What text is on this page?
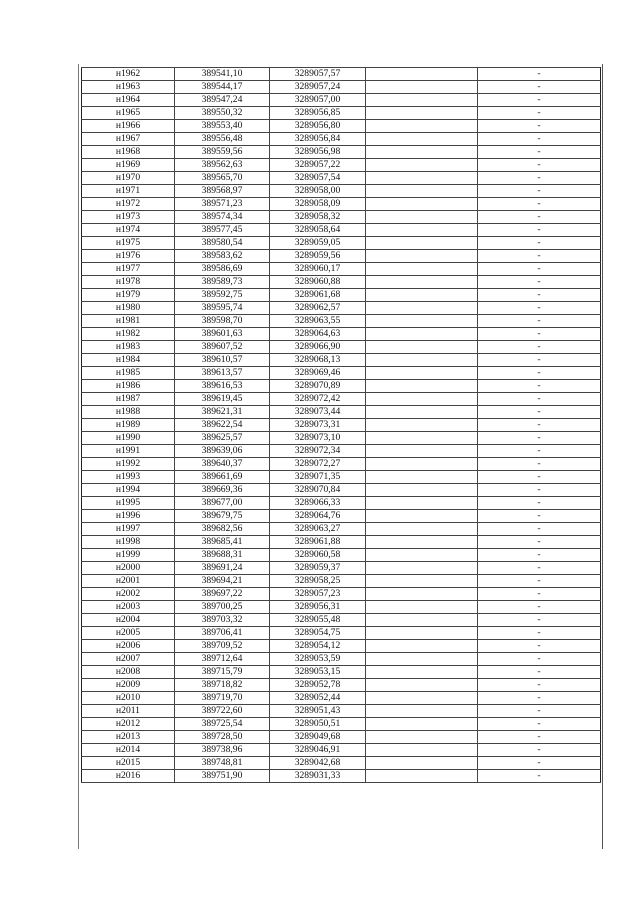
н1962	389541,10	3289057,57		-
н1963	389544,17	3289057,24		-
н1964	389547,24	3289057,00		-
н1965	389550,32	3289056,85		-
н1966	389553,40	3289056,80		-
н1967	389556,48	3289056,84		-
н1968	389559,56	3289056,98		-
н1969	389562,63	3289057,22		-
н1970	389565,70	3289057,54		-
н1971	389568,97	3289058,00		-
н1972	389571,23	3289058,09		-
н1973	389574,34	3289058,32		-
н1974	389577,45	3289058,64		-
н1975	389580,54	3289059,05		-
н1976	389583,62	3289059,56		-
н1977	389586,69	3289060,17		-
н1978	389589,73	3289060,88		-
н1979	389592,75	3289061,68		-
н1980	389595,74	3289062,57		-
н1981	389598,70	3289063,55		-
н1982	389601,63	3289064,63		-
н1983	389607,52	3289066,90		-
н1984	389610,57	3289068,13		-
н1985	389613,57	3289069,46		-
н1986	389616,53	3289070,89		-
н1987	389619,45	3289072,42		-
н1988	389621,31	3289073,44		-
н1989	389622,54	3289073,31		-
н1990	389625,57	3289073,10		-
н1991	389639,06	3289072,34		-
н1992	389640,37	3289072,27		-
н1993	389661,69	3289071,35		-
н1994	389669,36	3289070,84		-
н1995	389677,00	3289066,33		-
н1996	389679,75	3289064,76		-
н1997	389682,56	3289063,27		-
н1998	389685,41	3289061,88		-
н1999	389688,31	3289060,58		-
н2000	389691,24	3289059,37		-
н2001	389694,21	3289058,25		-
н2002	389697,22	3289057,23		-
н2003	389700,25	3289056,31		-
н2004	389703,32	3289055,48		-
н2005	389706,41	3289054,75		-
н2006	389709,52	3289054,12		-
н2007	389712,64	3289053,59		-
н2008	389715,79	3289053,15		-
н2009	389718,82	3289052,78		-
н2010	389719,70	3289052,44		-
н2011	389722,60	3289051,43		-
н2012	389725,54	3289050,51		-
н2013	389728,50	3289049,68		-
н2014	389738,96	3289046,91		-
н2015	389748,81	3289042,68		-
н2016	389751,90	3289031,33		-
